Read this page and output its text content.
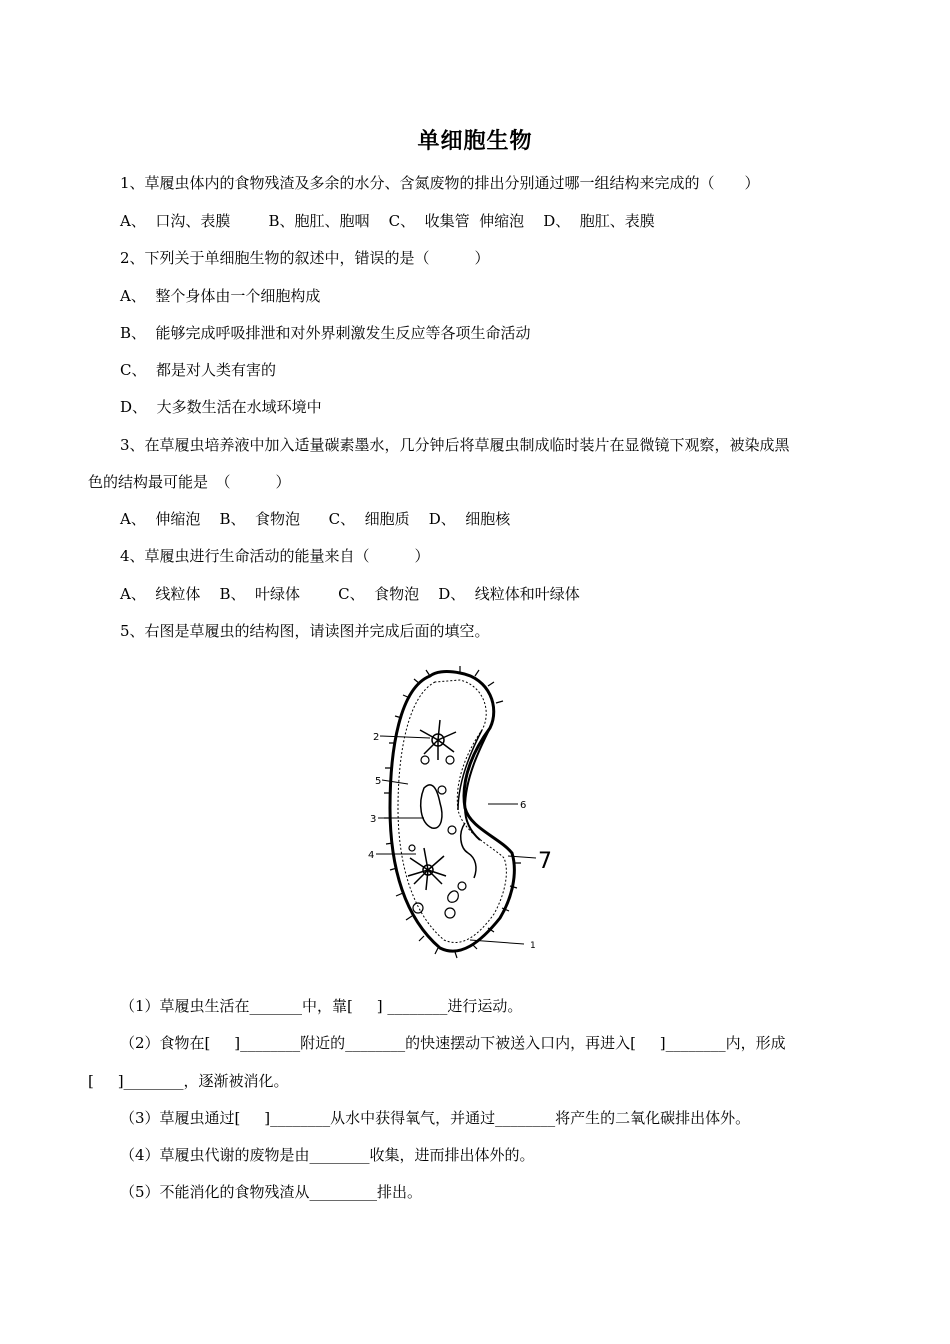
单细胞生物
1、草履虫体内的食物残渣及多余的水分、含氮废物的排出分别通过哪一组结构来完成的（　　）
A、  口沟、表膜        B、胞肛、胞咽    C、  收集管  伸缩泡    D、  胞肛、表膜
2、下列关于单细胞生物的叙述中，错误的是（　　　）
A、  整个身体由一个细胞构成
B、  能够完成呼吸排泄和对外界刺激发生反应等各项生命活动
C、  都是对人类有害的
D、  大多数生活在水域环境中
3、在草履虫培养液中加入适量碳素墨水，几分钟后将草履虫制成临时装片在显微镜下观察，被染成黑
色的结构最可能是　（　　　）
A、  伸缩泡    B、  食物泡      C、  细胞质    D、  细胞核
4、草履虫进行生命活动的能量来自（　　　）
A、  线粒体    B、  叶绿体        C、  食物泡    D、  线粒体和叶绿体
5、右图是草履虫的结构图，请读图并完成后面的填空。
2
5
3
4
6
7
1
（1）草履虫生活在_______中，靠[     ] ________进行运动。
（2）食物在[     ]________附近的________的快速摆动下被送入口内，再进入[     ]________内，形成
[     ]________，逐渐被消化。
（3）草履虫通过[     ]________从水中获得氧气，并通过________将产生的二氧化碳排出体外。
（4）草履虫代谢的废物是由________收集，进而排出体外的。
（5）不能消化的食物残渣从_________排出。
